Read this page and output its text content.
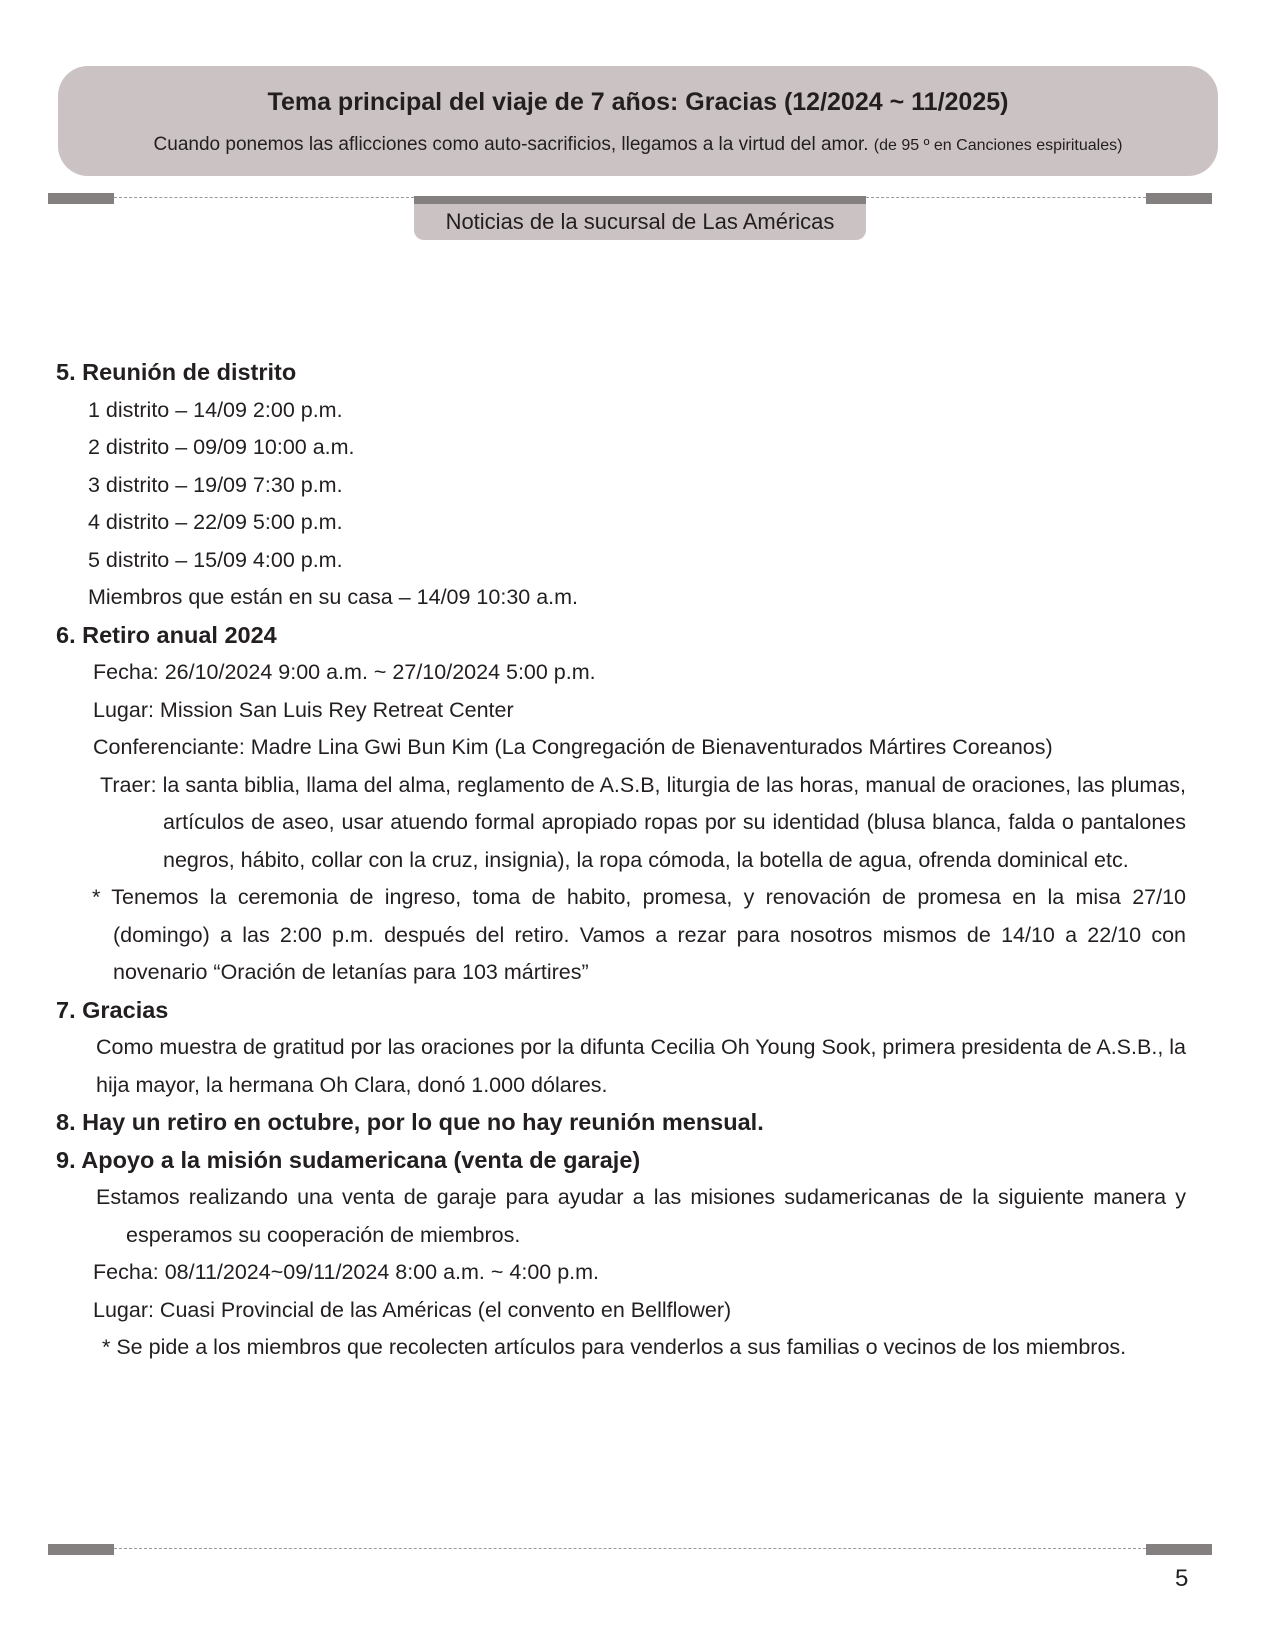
Tema principal del viaje de 7 años: Gracias (12/2024 ~ 11/2025)
Cuando ponemos las aflicciones como auto-sacrificios, llegamos a la virtud del amor. (de 95 º en Canciones espirituales)
Noticias de la sucursal de Las Américas

5. Reunión de distrito

1 distrito – 14/09 2:00 p.m.

2 distrito – 09/09 10:00 a.m.

3 distrito – 19/09 7:30 p.m.

4 distrito – 22/09 5:00 p.m.

5 distrito – 15/09 4:00 p.m.

Miembros que están en su casa – 14/09 10:30 a.m.

6. Retiro anual 2024

Fecha: 26/10/2024 9:00 a.m. ~ 27/10/2024 5:00 p.m.

Lugar: Mission San Luis Rey Retreat Center

Conferenciante: Madre Lina Gwi Bun Kim (La Congregación de Bienaventurados Mártires Coreanos)

Traer: la santa biblia, llama del alma, reglamento de A.S.B, liturgia de las horas, manual de oraciones, las plumas, artículos de aseo, usar atuendo formal apropiado ropas por su identidad (blusa blanca, falda o pantalones negros, hábito, collar con la cruz, insignia), la ropa cómoda, la botella de agua, ofrenda dominical etc.

* Tenemos la ceremonia de ingreso, toma de habito, promesa, y renovación de promesa en la misa 27/10 (domingo) a las 2:00 p.m. después del retiro. Vamos a rezar para nosotros mismos de 14/10 a 22/10 con novenario “Oración de letanías para 103 mártires”

7. Gracias

Como muestra de gratitud por las oraciones por la difunta Cecilia Oh Young Sook, primera presidenta de A.S.B., la hija mayor, la hermana Oh Clara, donó 1.000 dólares.

8. Hay un retiro en octubre, por lo que no hay reunión mensual.

9. Apoyo a la misión sudamericana (venta de garaje)

Estamos realizando una venta de garaje para ayudar a las misiones sudamericanas de la siguiente manera y esperamos su cooperación de miembros.

Fecha: 08/11/2024~09/11/2024 8:00 a.m. ~ 4:00 p.m.

Lugar: Cuasi Provincial de las Américas (el convento en Bellflower)

* Se pide a los miembros que recolecten artículos para venderlos a sus familias o vecinos de los miembros.

5
